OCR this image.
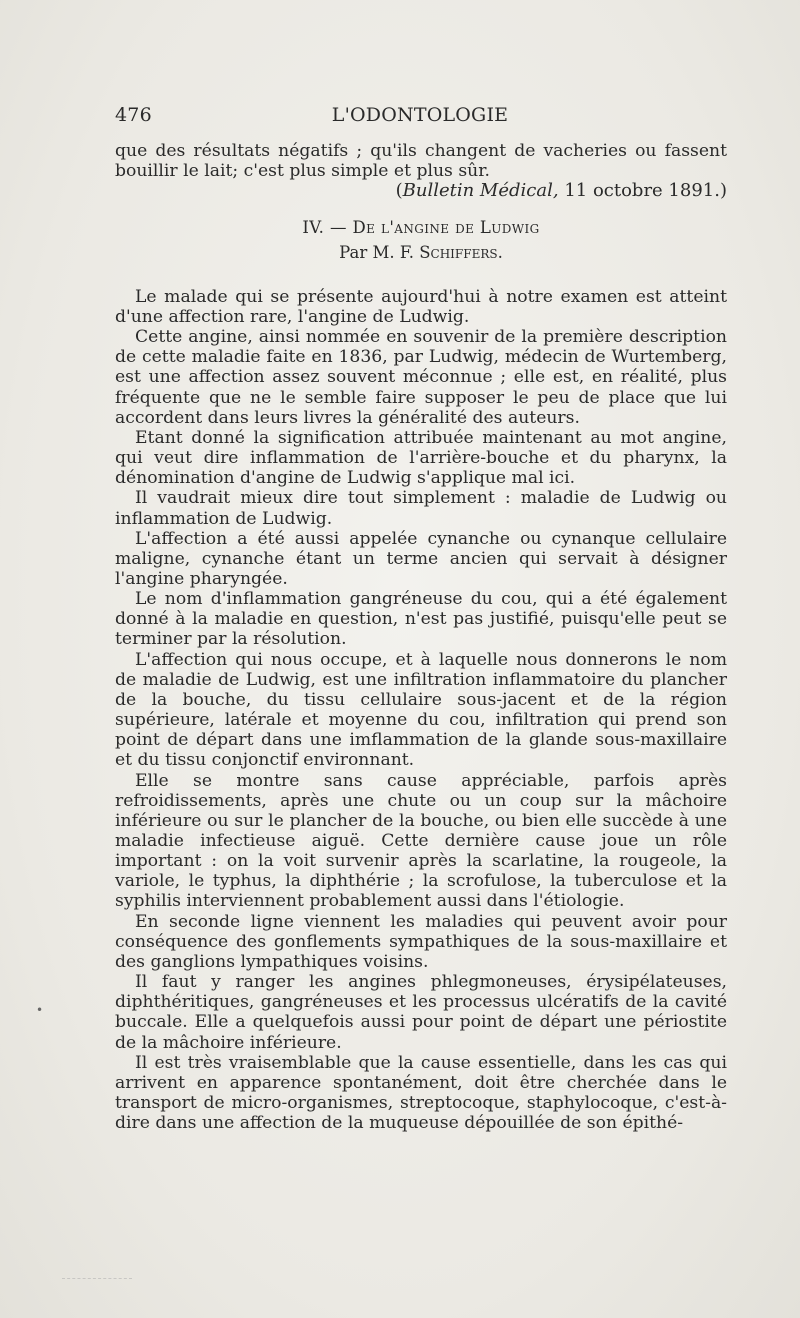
476	L'ODONTOLOGIE

que des résultats négatifs ; qu'ils changent de vacheries ou fassent bouillir le lait; c'est plus simple et plus sûr.

(Bulletin Médical, 11 octobre 1891.)

IV. — De l'angine de Ludwig
Par M. F. Schiffers.

Le malade qui se présente aujourd'hui à notre examen est atteint d'une affection rare, l'angine de Ludwig.

Cette angine, ainsi nommée en souvenir de la première description de cette maladie faite en 1836, par Ludwig, médecin de Wurtemberg, est une affection assez souvent méconnue ; elle est, en réalité, plus fréquente que ne le semble faire supposer le peu de place que lui accordent dans leurs livres la généralité des auteurs.

Etant donné la signification attribuée maintenant au mot angine, qui veut dire inflammation de l'arrière-bouche et du pharynx, la dénomination d'angine de Ludwig s'applique mal ici.

Il vaudrait mieux dire tout simplement : maladie de Ludwig ou inflammation de Ludwig.

L'affection a été aussi appelée cynanche ou cynanque cellulaire maligne, cynanche étant un terme ancien qui servait à désigner l'angine pharyngée.

Le nom d'inflammation gangréneuse du cou, qui a été également donné à la maladie en question, n'est pas justifié, puisqu'elle peut se terminer par la résolution.

L'affection qui nous occupe, et à laquelle nous donnerons le nom de maladie de Ludwig, est une infiltration inflammatoire du plancher de la bouche, du tissu cellulaire sous-jacent et de la région supérieure, latérale et moyenne du cou, infiltration qui prend son point de départ dans une imflammation de la glande sous-maxillaire et du tissu conjonctif environnant.

Elle se montre sans cause appréciable, parfois après refroidissements, après une chute ou un coup sur la mâchoire inférieure ou sur le plancher de la bouche, ou bien elle succède à une maladie infectieuse aiguë. Cette dernière cause joue un rôle important : on la voit survenir après la scarlatine, la rougeole, la variole, le typhus, la diphthérie ; la scrofulose, la tuberculose et la syphilis interviennent probablement aussi dans l'étiologie.

En seconde ligne viennent les maladies qui peuvent avoir pour conséquence des gonflements sympathiques de la sous-maxillaire et des ganglions lympathiques voisins.

Il faut y ranger les angines phlegmoneuses, érysipélateuses, diphthéritiques, gangréneuses et les processus ulcératifs de la cavité buccale. Elle a quelquefois aussi pour point de départ une périostite de la mâchoire inférieure.

Il est très vraisemblable que la cause essentielle, dans les cas qui arrivent en apparence spontanément, doit être cherchée dans le transport de micro-organismes, streptocoque, staphylocoque, c'est-à-dire dans une affection de la muqueuse dépouillée de son épithé-

•
